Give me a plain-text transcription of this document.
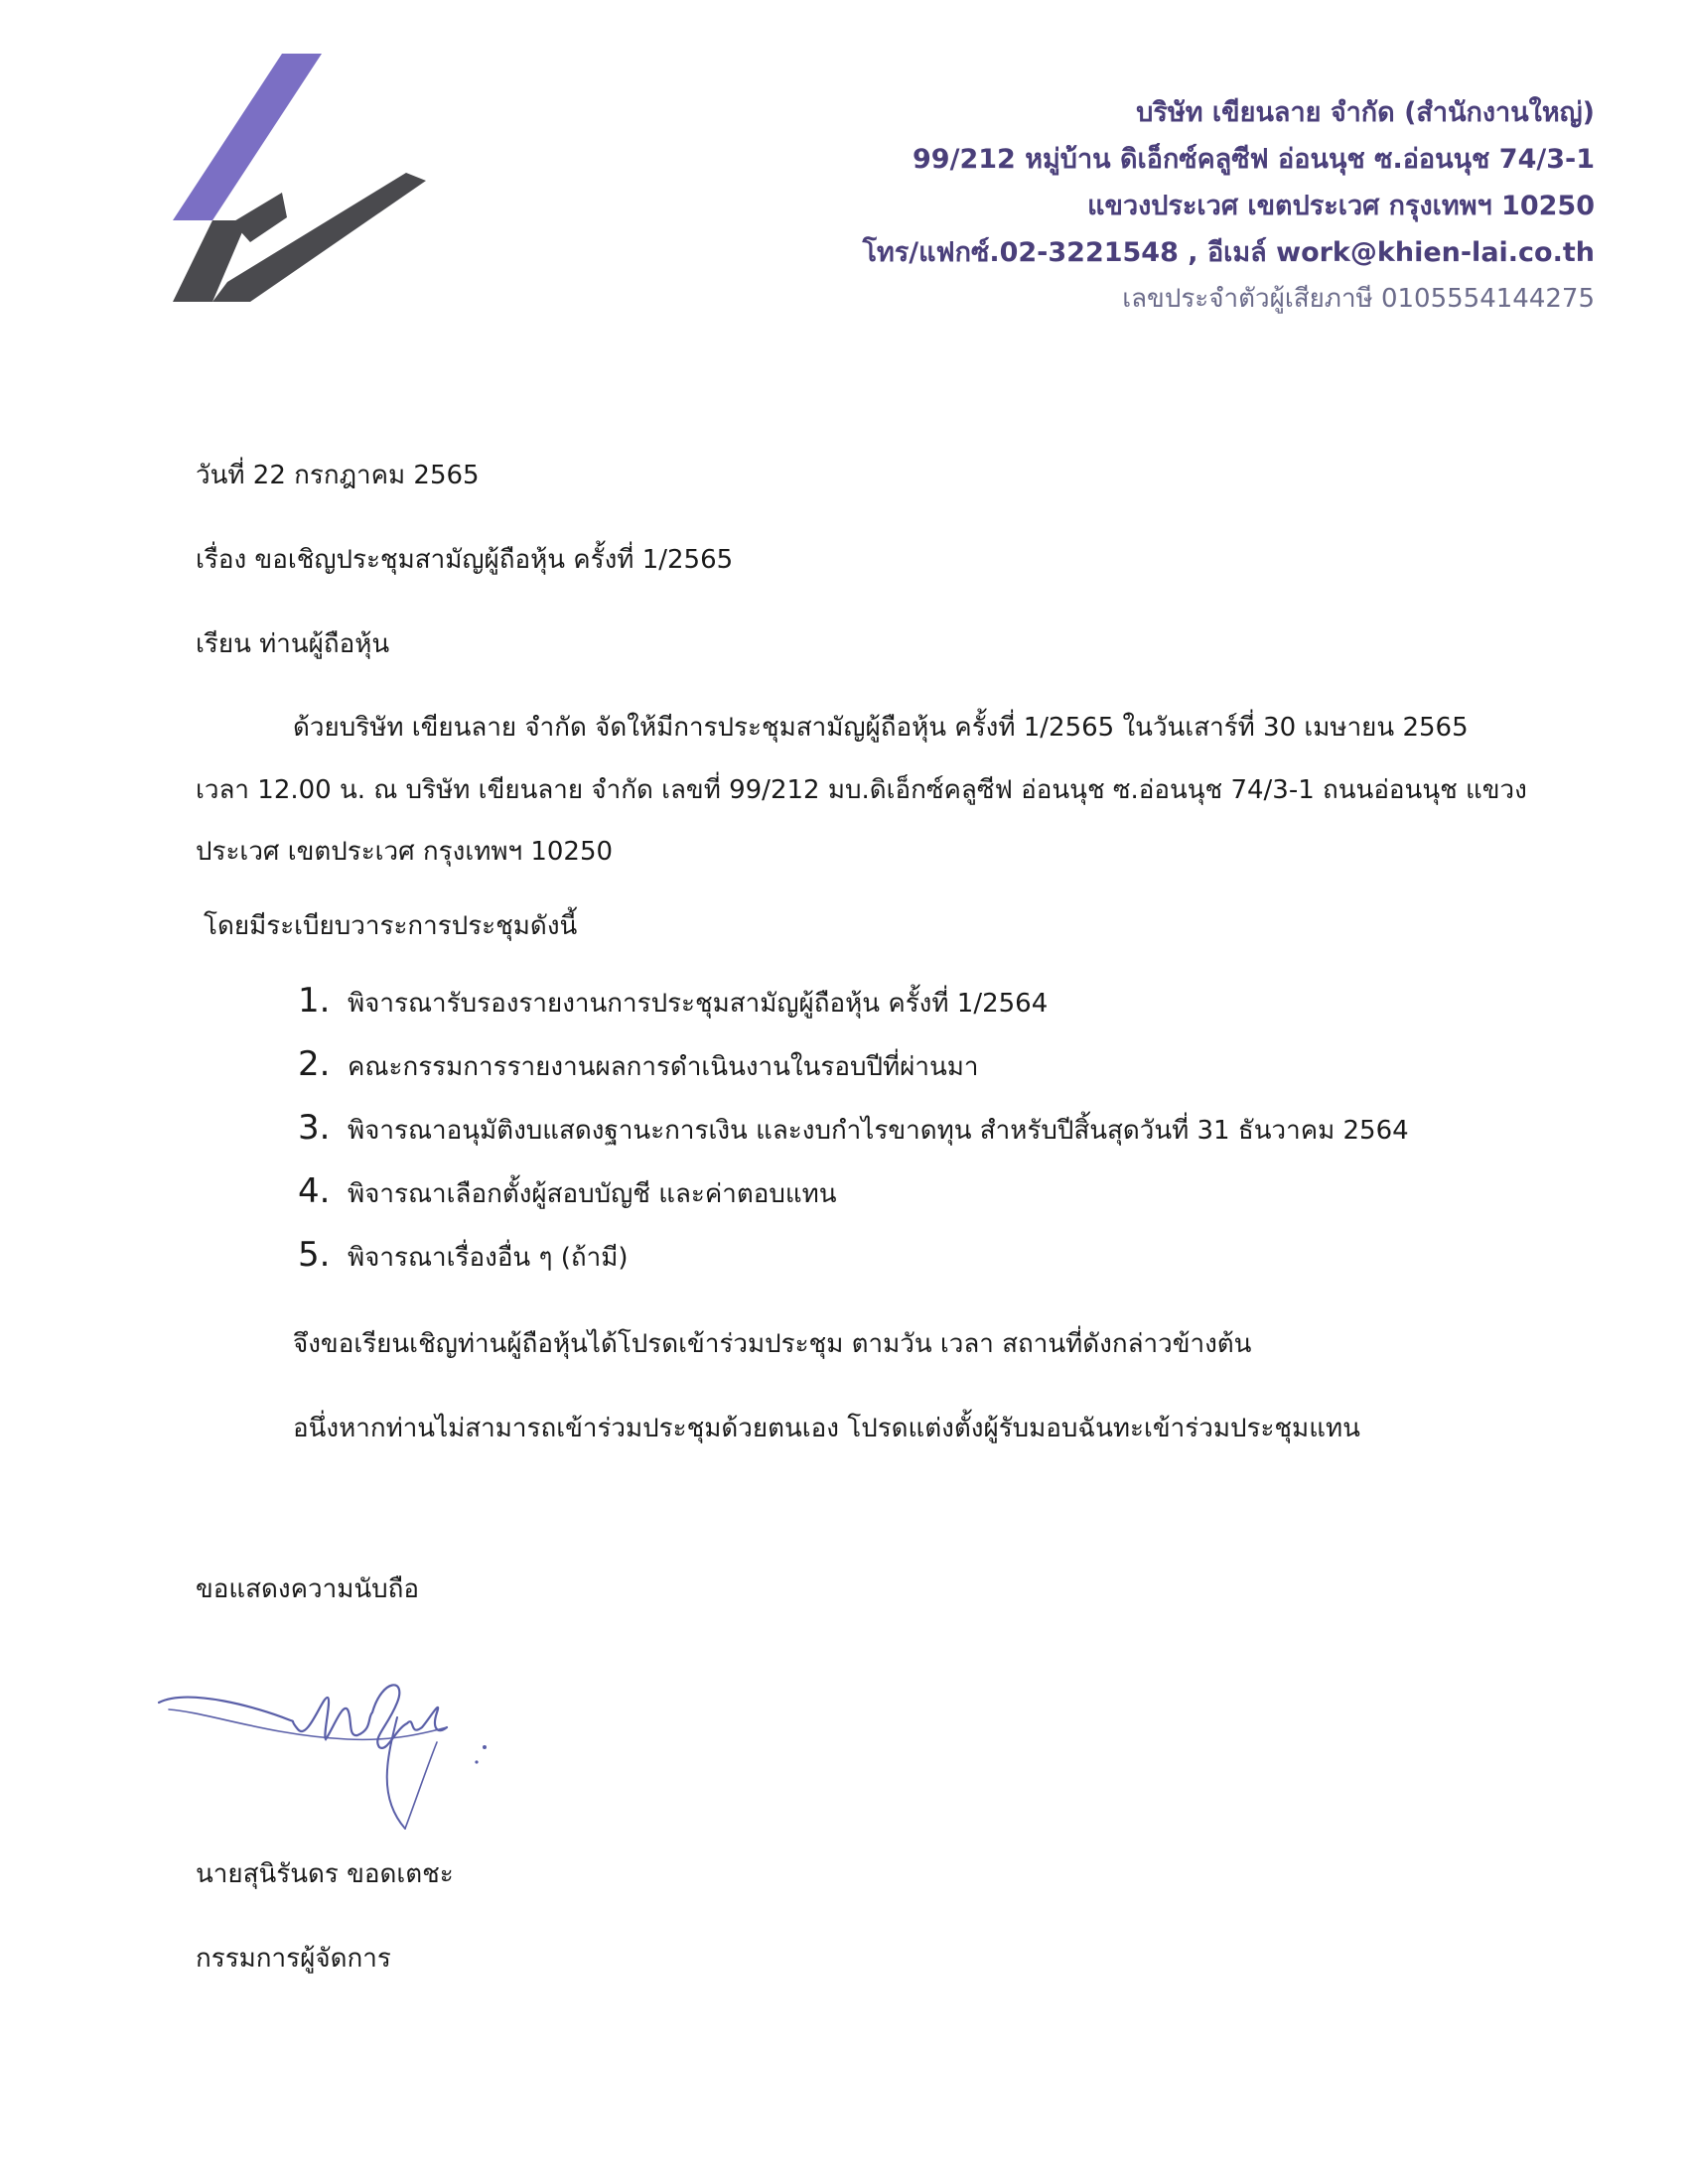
บริษัท เขียนลาย จำกัด (สำนักงานใหญ่)
99/212 หมู่บ้าน ดิเอ็กซ์คลูซีฟ อ่อนนุช ซ.อ่อนนุช 74/3-1
แขวงประเวศ เขตประเวศ กรุงเทพฯ 10250
โทร/แฟกซ์.02-3221548 , อีเมล์ work@khien-lai.co.th
เลขประจำตัวผู้เสียภาษี 0105554144275
วันที่ 22 กรกฎาคม 2565
เรื่อง ขอเชิญประชุมสามัญผู้ถือหุ้น ครั้งที่ 1/2565
เรียน ท่านผู้ถือหุ้น
ด้วยบริษัท เขียนลาย จำกัด จัดให้มีการประชุมสามัญผู้ถือหุ้น ครั้งที่ 1/2565 ในวันเสาร์ที่ 30 เมษายน 2565
เวลา 12.00 น. ณ บริษัท เขียนลาย จำกัด เลขที่ 99/212 มบ.ดิเอ็กซ์คลูซีฟ อ่อนนุช ซ.อ่อนนุช 74/3-1 ถนนอ่อนนุช แขวง
ประเวศ เขตประเวศ กรุงเทพฯ 10250
โดยมีระเบียบวาระการประชุมดังนี้
1. พิจารณารับรองรายงานการประชุมสามัญผู้ถือหุ้น ครั้งที่ 1/2564
2. คณะกรรมการรายงานผลการดำเนินงานในรอบปีที่ผ่านมา
3. พิจารณาอนุมัติงบแสดงฐานะการเงิน และงบกำไรขาดทุน สำหรับปีสิ้นสุดวันที่ 31 ธันวาคม 2564
4. พิจารณาเลือกตั้งผู้สอบบัญชี และค่าตอบแทน
5. พิจารณาเรื่องอื่น ๆ (ถ้ามี)
จึงขอเรียนเชิญท่านผู้ถือหุ้นได้โปรดเข้าร่วมประชุม ตามวัน เวลา สถานที่ดังกล่าวข้างต้น
อนึ่งหากท่านไม่สามารถเข้าร่วมประชุมด้วยตนเอง โปรดแต่งตั้งผู้รับมอบฉันทะเข้าร่วมประชุมแทน
ขอแสดงความนับถือ
นายสุนิรันดร ขอดเตชะ
กรรมการผู้จัดการ
